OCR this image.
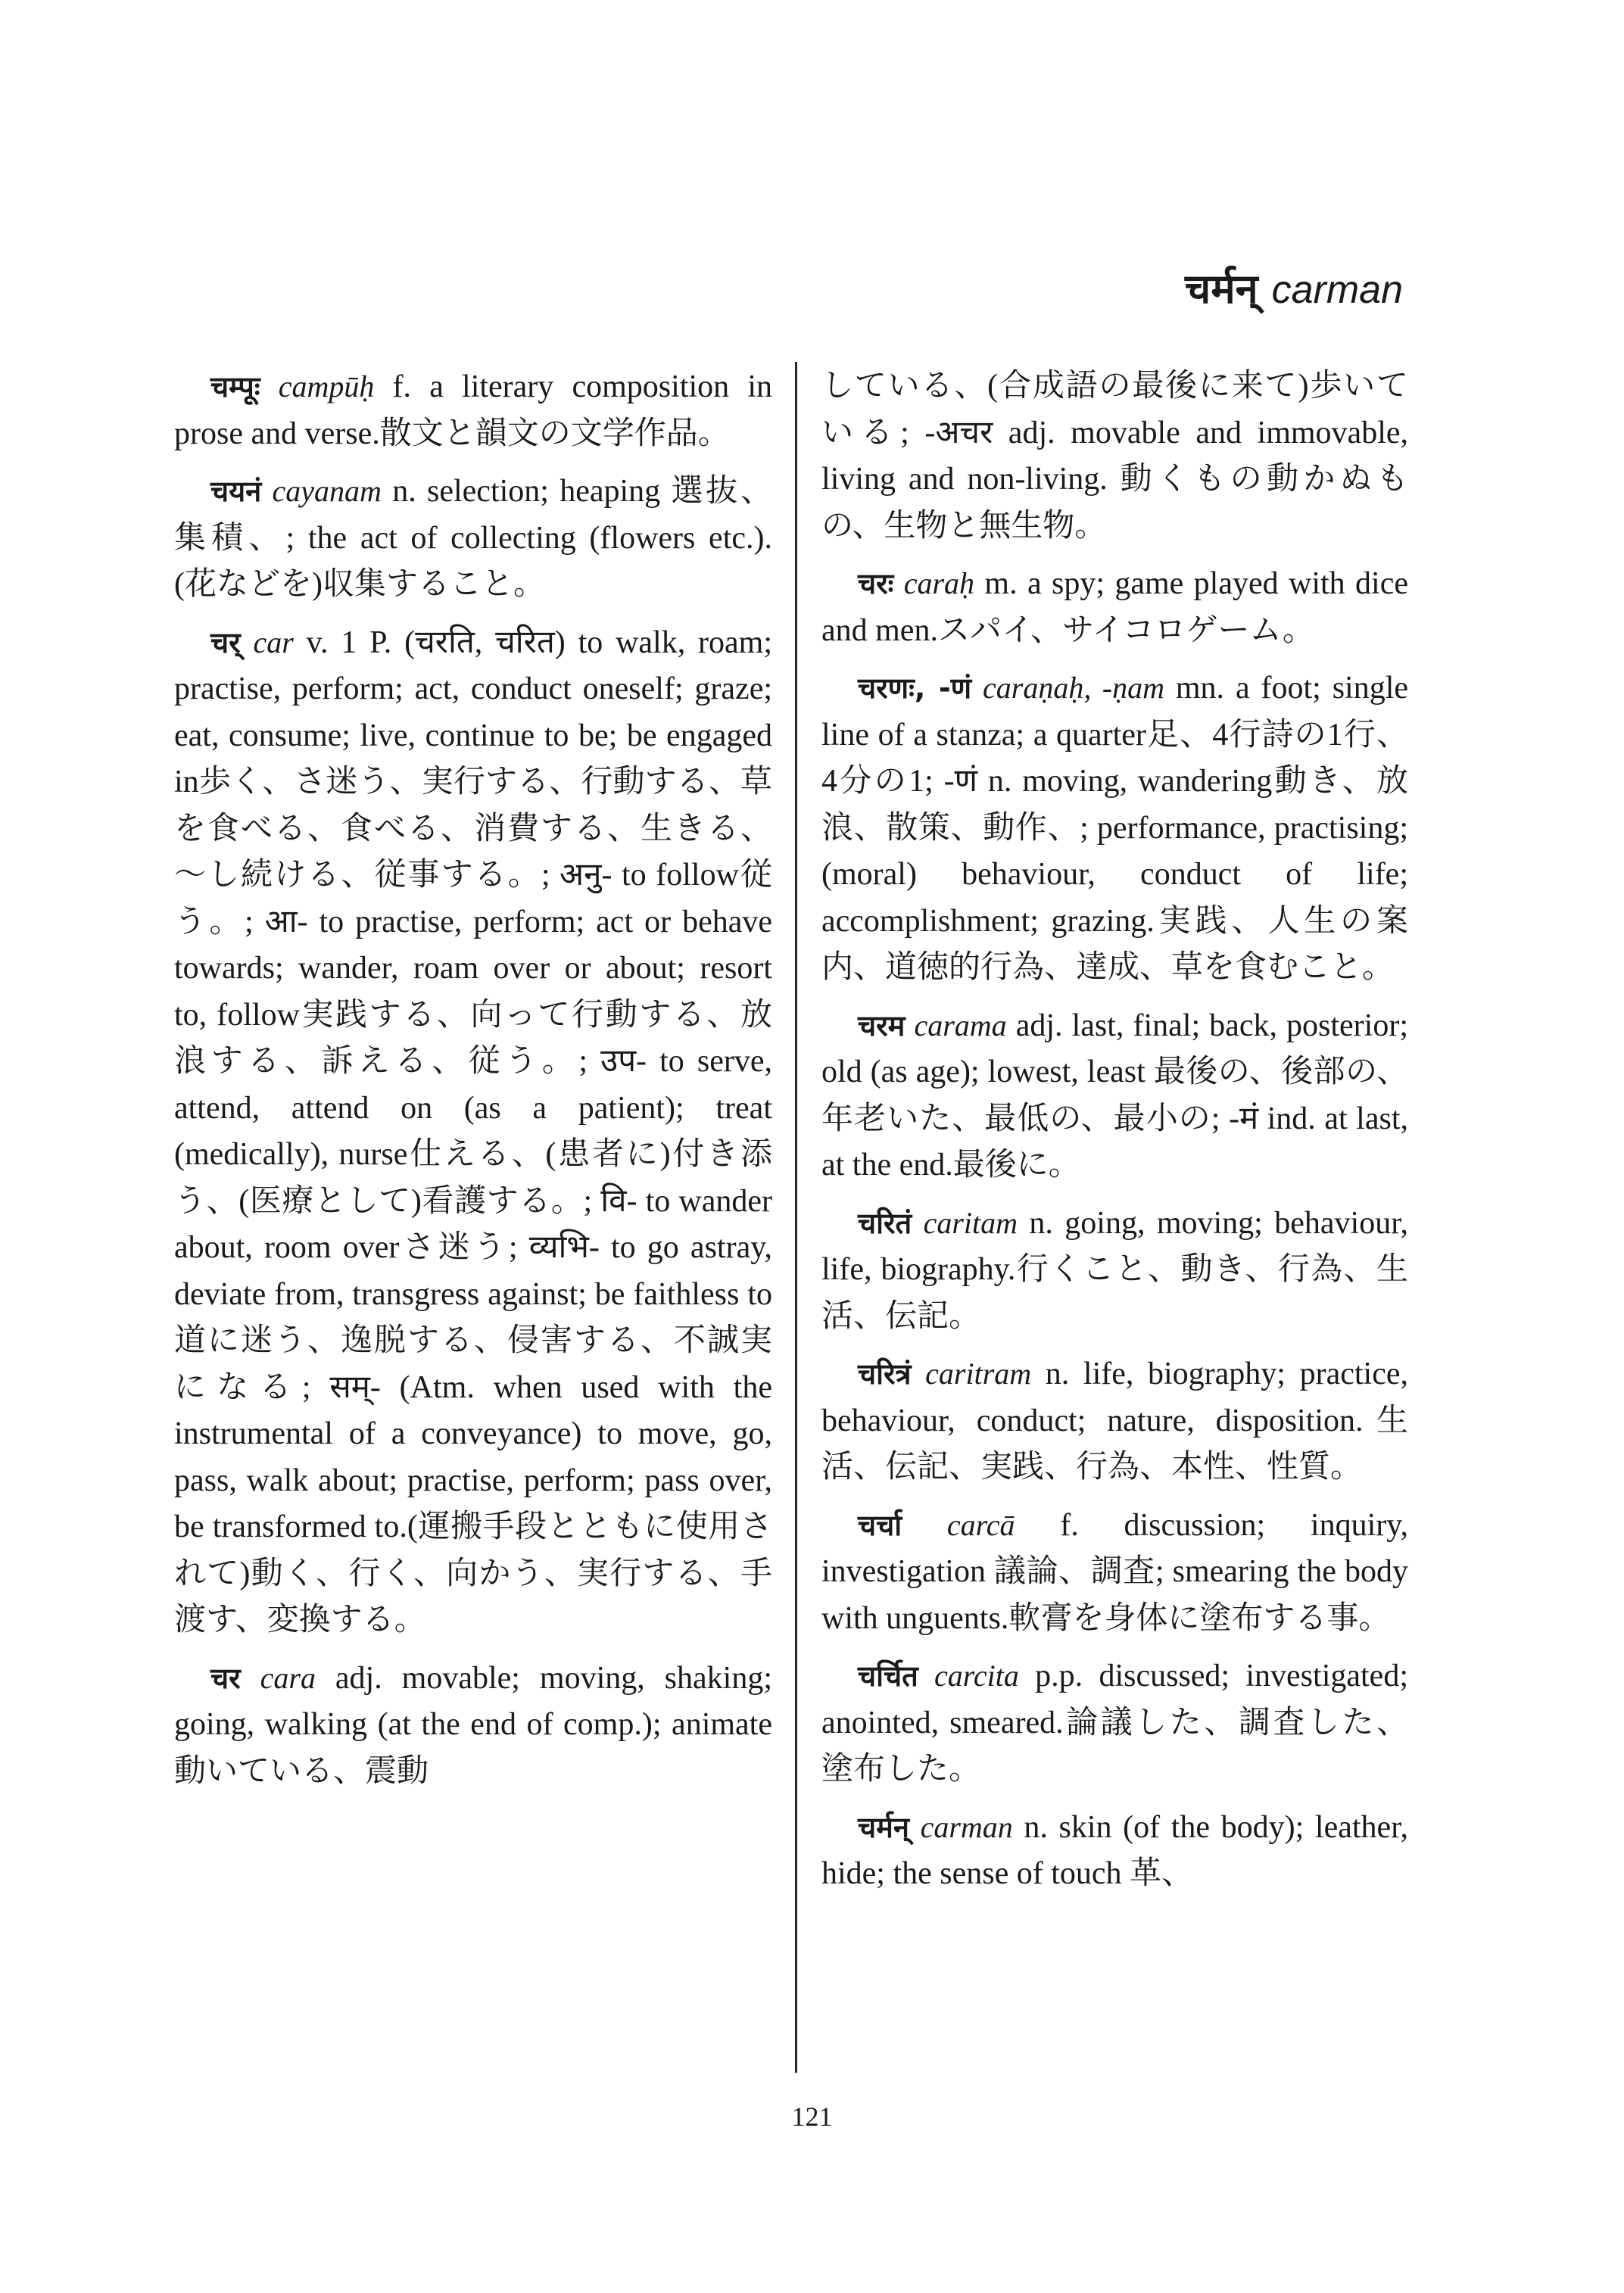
चर्मन् carman

चम्पूः campūḥ f. a literary composition in prose and verse.散文と韻文の文学作品。

चयनं cayanam n. selection; heaping 選抜、集積、; the act of collecting (flowers etc.). (花などを)収集すること。

चर् car v. 1 P. (चरति, चरित) to walk, roam; practise, perform; act, conduct oneself; graze; eat, consume; live, continue to be; be engaged in歩く、さ迷う、実行する、行動する、草を食べる、食べる、消費する、生きる、～し続ける、従事する。; अनु- to follow従う。; आ- to practise, perform; act or behave towards; wander, roam over or about; resort to, follow実践する、向って行動する、放浪する、訴える、従う。; उप- to serve, attend, attend on (as a patient); treat (medically), nurse仕える、(患者に)付き添う、(医療として)看護する。; वि- to wander about, room overさ迷う; व्यभि- to go astray, deviate from, transgress against; be faithless to道に迷う、逸脱する、侵害する、不誠実になる; सम्- (Atm. when used with the instrumental of a conveyance) to move, go, pass, walk about; practise, perform; pass over, be transformed to.(運搬手段とともに使用されて)動く、行く、向かう、実行する、手渡す、変換する。

चर cara adj. movable; moving, shaking; going, walking (at the end of comp.); animate 動いている、震動

している、(合成語の最後に来て)歩いている; -अचर adj. movable and immovable, living and non-living. 動くもの動かぬもの、生物と無生物。

चरः caraḥ m. a spy; game played with dice and men.スパイ、サイコロゲーム。

चरणः, -णं caraṇaḥ, -ṇam mn. a foot; single line of a stanza; a quarter足、4行詩の1行、4分の1; -णं n. moving, wandering動き、放浪、散策、動作、; performance, practising; (moral) behaviour, conduct of life; accomplishment; grazing.実践、人生の案内、道徳的行為、達成、草を食むこと。

चरम carama adj. last, final; back, posterior; old (as age); lowest, least 最後の、後部の、年老いた、最低の、最小の; -मं ind. at last, at the end.最後に。

चरितं caritam n. going, moving; behaviour, life, biography.行くこと、動き、行為、生活、伝記。

चरित्रं caritram n. life, biography; practice, behaviour, conduct; nature, disposition.生活、伝記、実践、行為、本性、性質。

चर्चा carcā f. discussion; inquiry, investigation 議論、調査; smearing the body with unguents.軟膏を身体に塗布する事。

चर्चित carcita p.p. discussed; investigated; anointed, smeared.論議した、調査した、塗布した。

चर्मन् carman n. skin (of the body); leather, hide; the sense of touch 革、

121
